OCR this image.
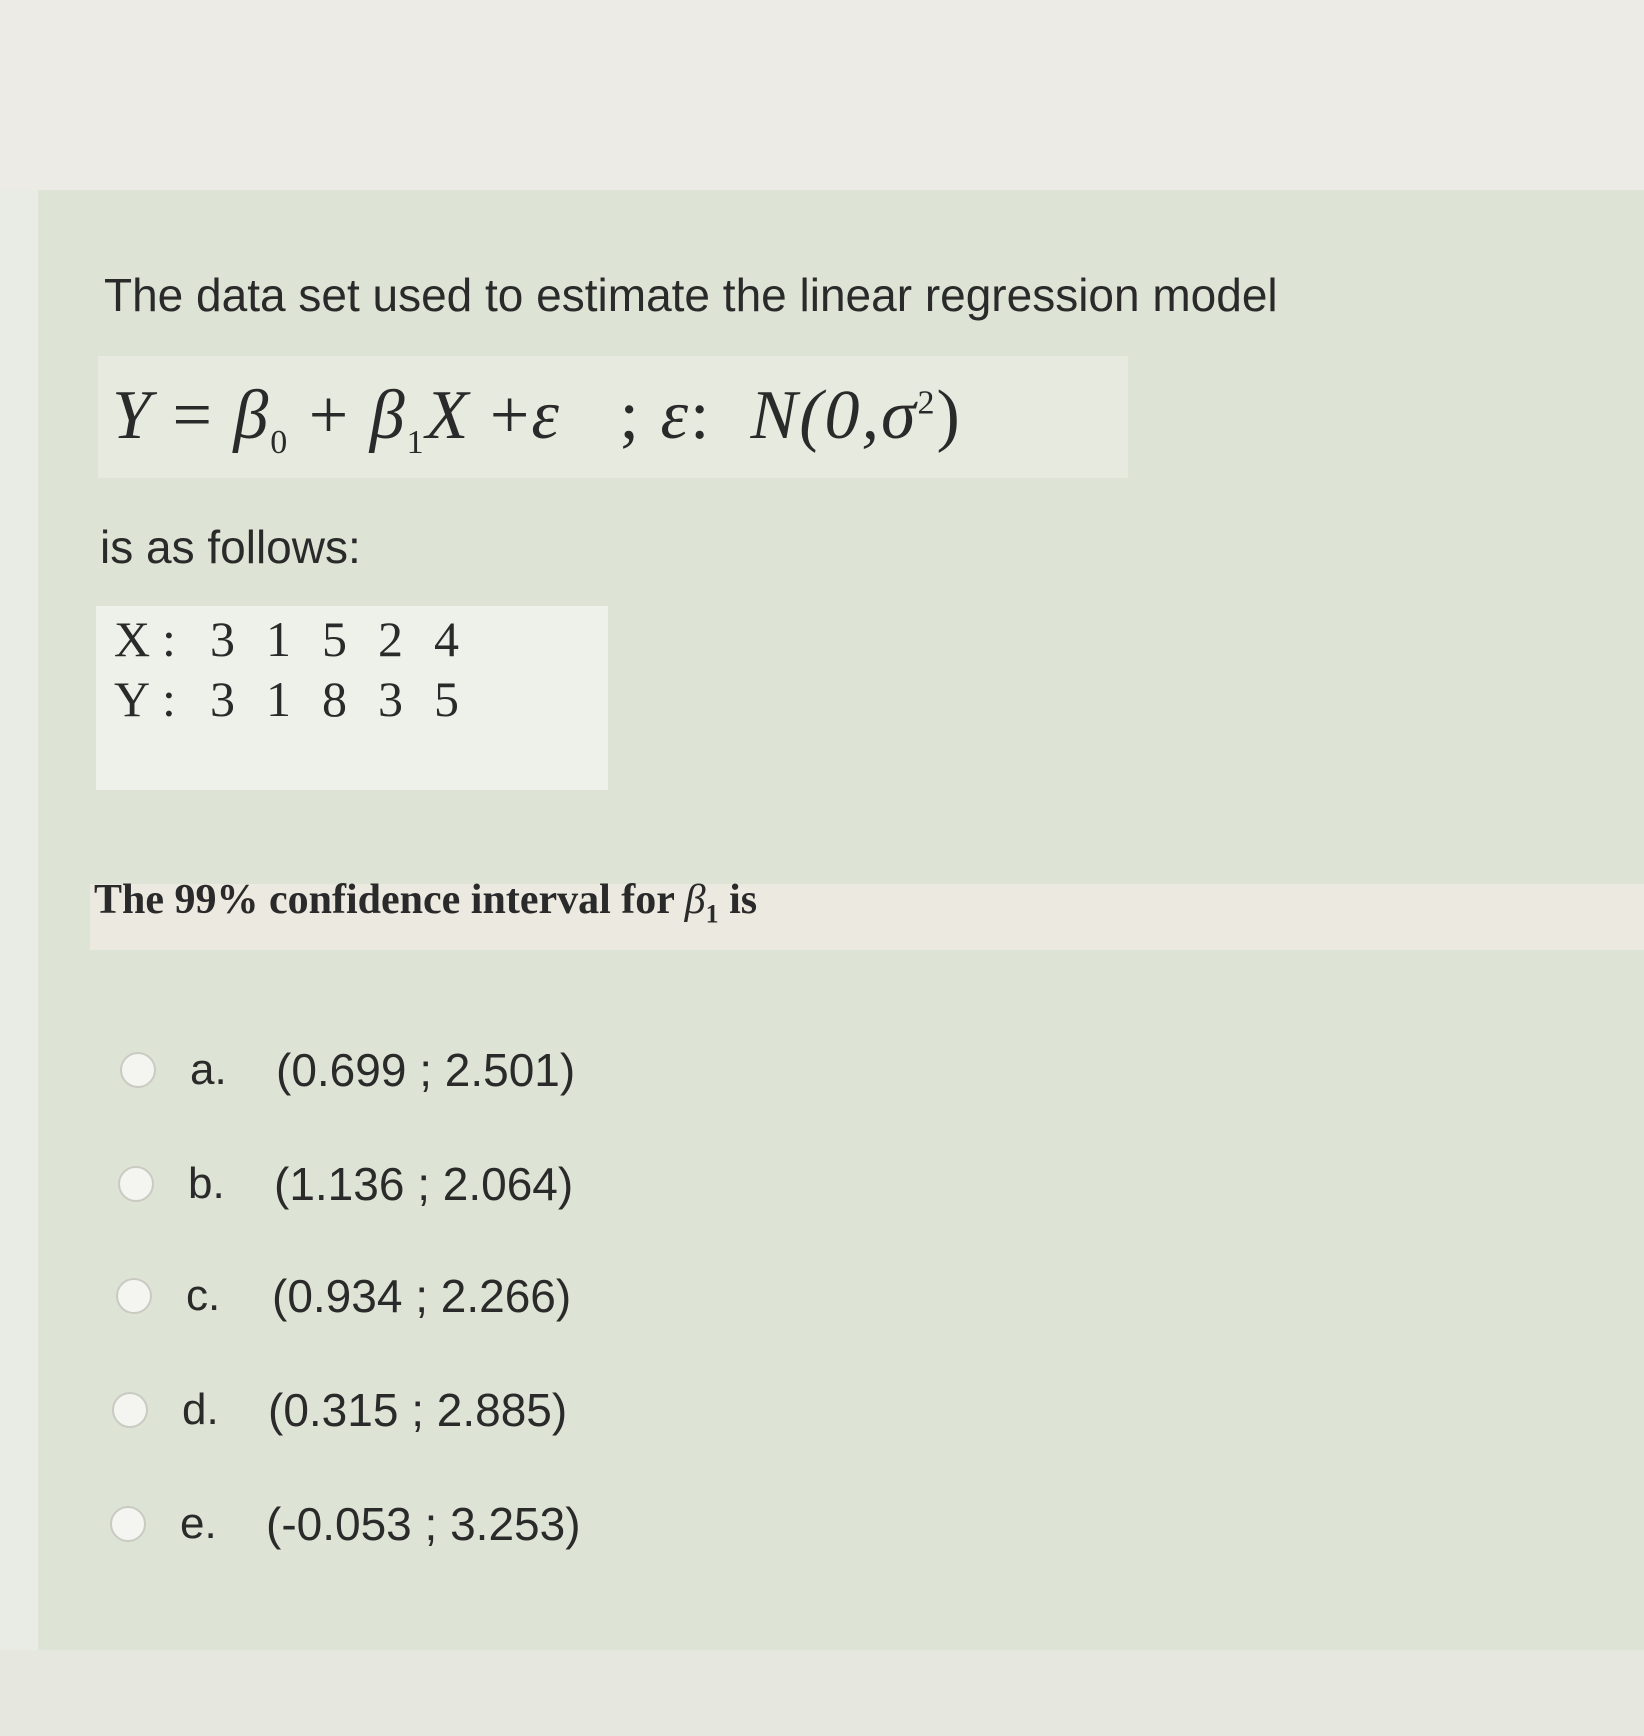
The data set used to estimate the linear regression model
$Y = \beta_0 + \beta_1X +\varepsilon$ ; ε: $N(0,\sigma^2)$
is as follows:
X : 3 1 5 2 4
Y : 3 1 8 3 5
The 99% confidence interval for $\beta_1$ is
a.	(0.699 ; 2.501)
b.	(1.136 ; 2.064)
c.	(0.934 ; 2.266)
d.	(0.315 ; 2.885)
e.	(-0.053 ; 3.253)
